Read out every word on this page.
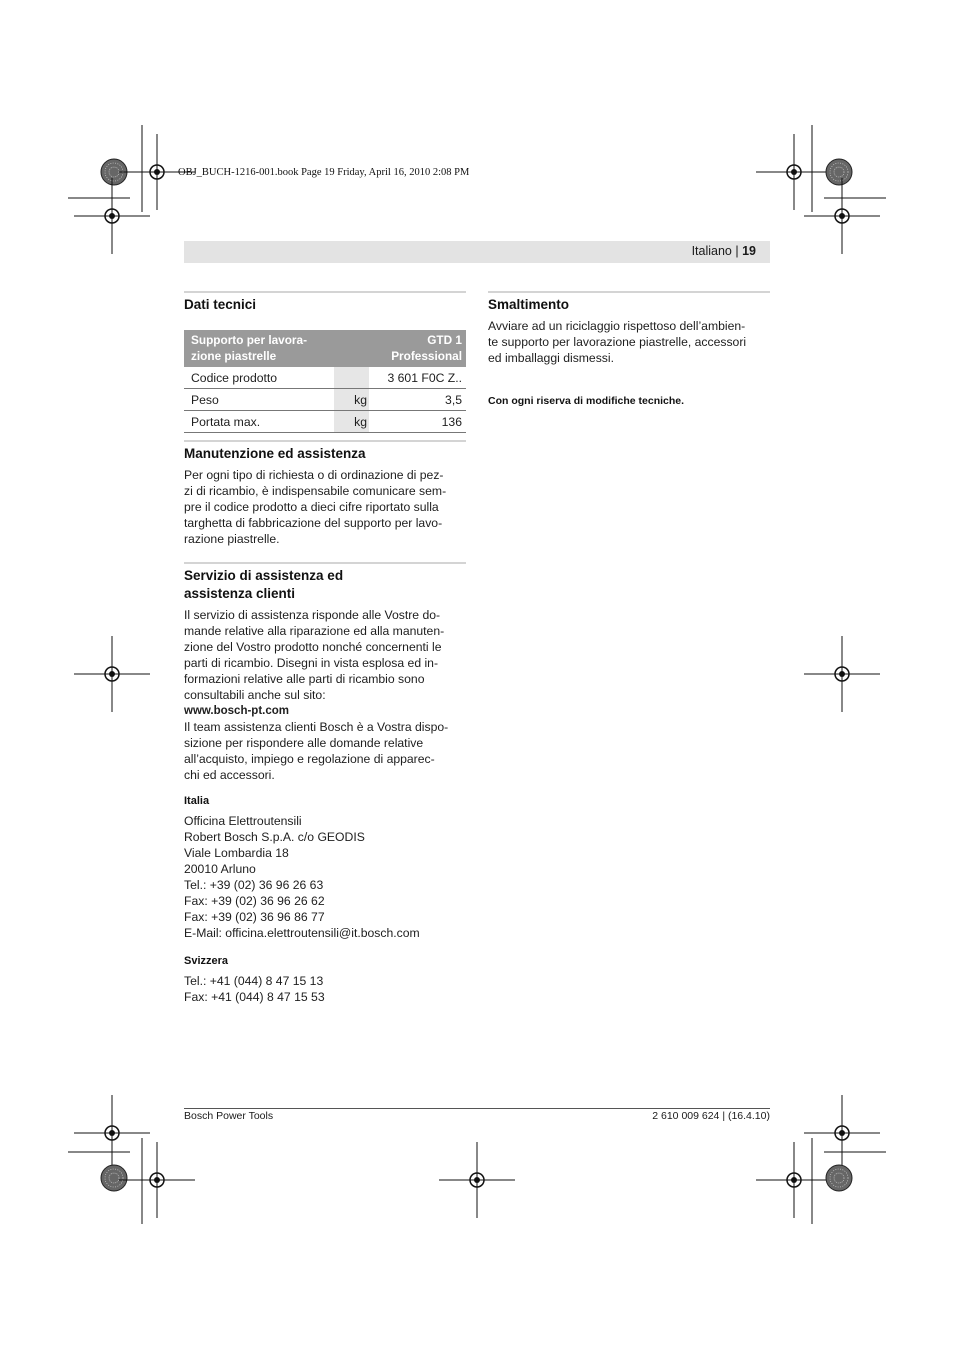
OBJ_BUCH-1216-001.book Page 19 Friday, April 16, 2010 2:08 PM
Italiano | 19
Dati tecnici
Supporto per lavora-
zione piastrelle		GTD 1
Professional
Codice prodotto		3 601 F0C Z..
Peso	kg	3,5
Portata max.	kg	136
Manutenzione ed assistenza

Per ogni tipo di richiesta o di ordinazione di pez-
zi di ricambio, è indispensabile comunicare sem-
pre il codice prodotto a dieci cifre riportato sulla
targhetta di fabbricazione del supporto per lavo-
razione piastrelle.

Servizio di assistenza ed
assistenza clienti

Il servizio di assistenza risponde alle Vostre do-
mande relative alla riparazione ed alla manuten-
zione del Vostro prodotto nonché concernenti le
parti di ricambio. Disegni in vista esplosa ed in-
formazioni relative alle parti di ricambio sono
consultabili anche sul sito:

www.bosch-pt.com

Il team assistenza clienti Bosch è a Vostra dispo-
sizione per rispondere alle domande relative
all’acquisto, impiego e regolazione di apparec-
chi ed accessori.

Italia

Officina Elettroutensili
Robert Bosch S.p.A. c/o GEODIS
Viale Lombardia 18
20010 Arluno
Tel.: +39 (02) 36 96 26 63
Fax: +39 (02) 36 96 26 62
Fax: +39 (02) 36 96 86 77
E-Mail: officina.elettroutensili@it.bosch.com

Svizzera

Tel.: +41 (044) 8 47 15 13
Fax: +41 (044) 8 47 15 53

Smaltimento

Avviare ad un riciclaggio rispettoso dell’ambien-
te supporto per lavorazione piastrelle, accessori
ed imballaggi dismessi.

Con ogni riserva di modifiche tecniche.

Bosch Power Tools	2 610 009 624 | (16.4.10)
